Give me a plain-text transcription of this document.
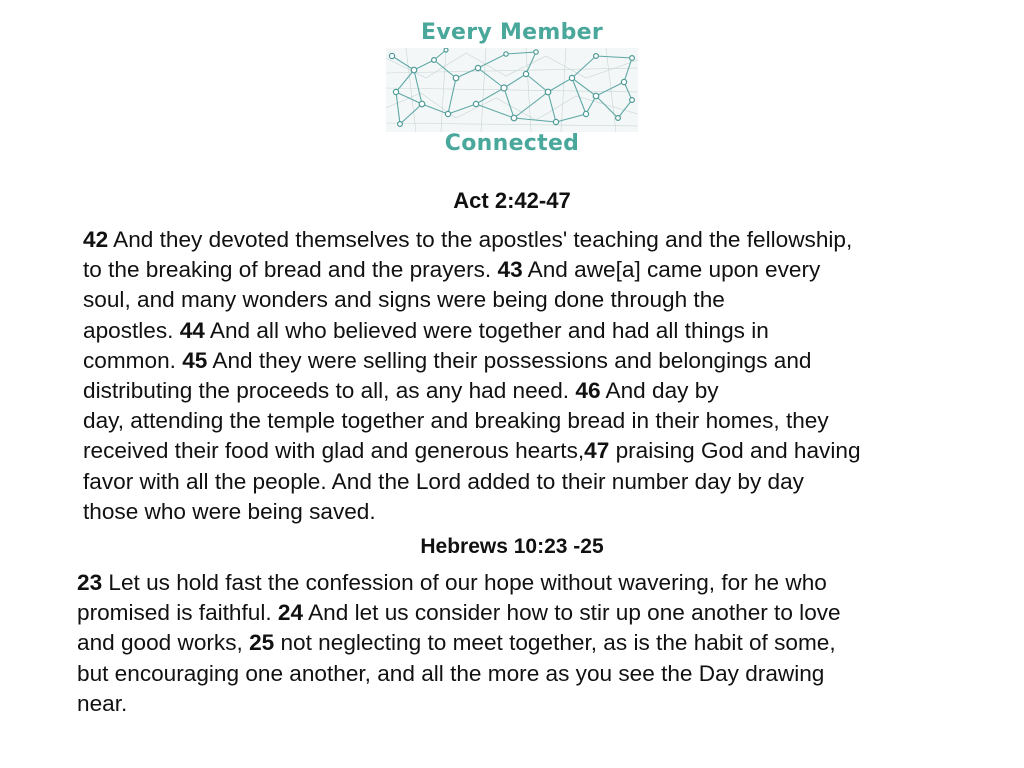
Every Member
Connected
Act 2:42-47
42 And they devoted themselves to the apostles' teaching and the fellowship,
to the breaking of bread and the prayers. 43 And awe[a] came upon every
soul, and many wonders and signs were being done through the
apostles. 44 And all who believed were together and had all things in
common. 45 And they were selling their possessions and belongings and
distributing the proceeds to all, as any had need. 46 And day by
day, attending the temple together and breaking bread in their homes, they
received their food with glad and generous hearts,47 praising God and having
favor with all the people. And the Lord added to their number day by day
those who were being saved.
Hebrews 10:23 -25
23 Let us hold fast the confession of our hope without wavering, for he who
promised is faithful. 24 And let us consider how to stir up one another to love
and good works, 25 not neglecting to meet together, as is the habit of some,
but encouraging one another, and all the more as you see the Day drawing
near.
